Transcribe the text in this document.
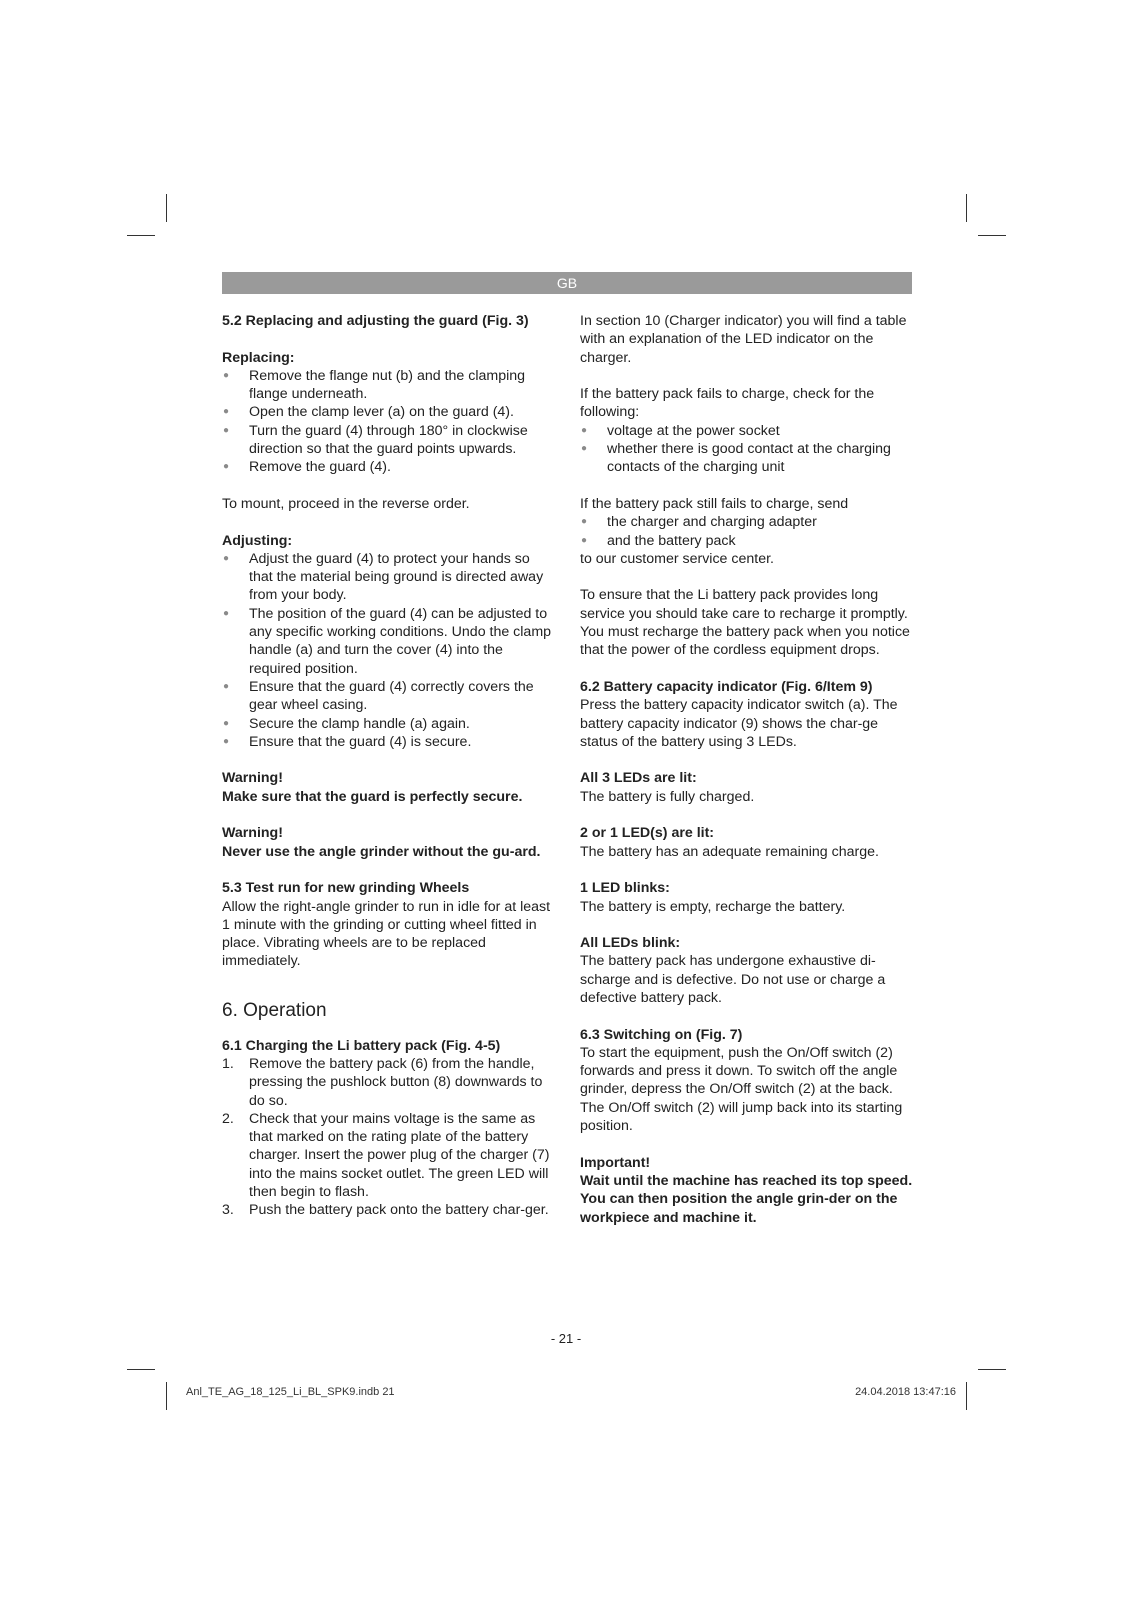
GB

5.2 Replacing and adjusting the guard (Fig. 3)

Replacing:

● Remove the flange nut (b) and the clamping flange underneath.
● Open the clamp lever (a) on the guard (4).
● Turn the guard (4) through 180° in clockwise direction so that the guard points upwards.
● Remove the guard (4).

To mount, proceed in the reverse order.

Adjusting:

● Adjust the guard (4) to protect your hands so that the material being ground is directed away from your body.
● The position of the guard (4) can be adjusted to any specific working conditions. Undo the clamp handle (a) and turn the cover (4) into the required position.
● Ensure that the guard (4) correctly covers the gear wheel casing.
● Secure the clamp handle (a) again.
● Ensure that the guard (4) is secure.

Warning!

Make sure that the guard is perfectly secure.

Warning!

Never use the angle grinder without the gu-ard.

5.3 Test run for new grinding Wheels

Allow the right-angle grinder to run in idle for at least 1 minute with the grinding or cutting wheel fitted in place. Vibrating wheels are to be replaced immediately.

6. Operation

6.1 Charging the Li battery pack (Fig. 4-5)

1. Remove the battery pack (6) from the handle, pressing the pushlock button (8) downwards to do so.
2. Check that your mains voltage is the same as that marked on the rating plate of the battery charger. Insert the power plug of the charger (7) into the mains socket outlet. The green LED will then begin to flash.
3. Push the battery pack onto the battery char-ger.

In section 10 (Charger indicator) you will find a table with an explanation of the LED indicator on the charger.

If the battery pack fails to charge, check for the following:

● voltage at the power socket
● whether there is good contact at the charging contacts of the charging unit

If the battery pack still fails to charge, send

● the charger and charging adapter
● and the battery pack

to our customer service center.

To ensure that the Li battery pack provides long service you should take care to recharge it promptly. You must recharge the battery pack when you notice that the power of the cordless equipment drops.

6.2 Battery capacity indicator (Fig. 6/Item 9)

Press the battery capacity indicator switch (a). The battery capacity indicator (9) shows the char-ge status of the battery using 3 LEDs.

All 3 LEDs are lit:

The battery is fully charged.

2 or 1 LED(s) are lit:

The battery has an adequate remaining charge.

1 LED blinks:

The battery is empty, recharge the battery.

All LEDs blink:

The battery pack has undergone exhaustive di-scharge and is defective. Do not use or charge a defective battery pack.

6.3 Switching on (Fig. 7)

To start the equipment, push the On/Off switch (2) forwards and press it down. To switch off the angle grinder, depress the On/Off switch (2) at the back. The On/Off switch (2) will jump back into its starting position.

Important!

Wait until the machine has reached its top speed. You can then position the angle grin-der on the workpiece and machine it.

- 21 -
Anl_TE_AG_18_125_Li_BL_SPK9.indb 21	24.04.2018 13:47:16
